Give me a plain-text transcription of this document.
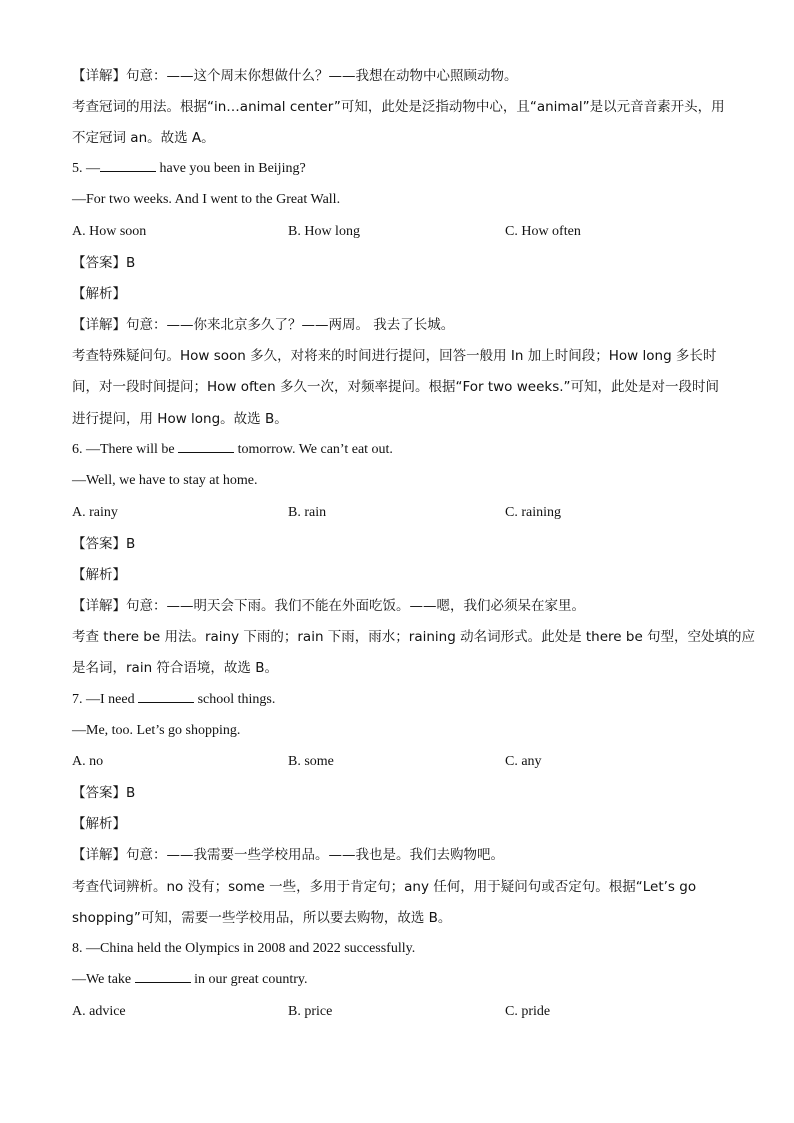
【详解】句意：——这个周末你想做什么？——我想在动物中心照顾动物。
考查冠词的用法。根据“in…animal center”可知，此处是泛指动物中心，且“animal”是以元音音素开头，用
不定冠词 an。故选 A。
5. —	have you been in Beijing?
—For two weeks. And I went to the Great Wall.
A. How soon	B. How long	C. How often
【答案】B
【解析】
【详解】句意：——你来北京多久了？——两周。 我去了长城。
考查特殊疑问句。How soon 多久，对将来的时间进行提问，回答一般用 In 加上时间段；How long 多长时
间，对一段时间提问；How often 多久一次，对频率提问。根据“For two weeks.”可知，此处是对一段时间
进行提问，用 How long。故选 B。
6. —There will be	tomorrow. We can’t eat out.
—Well, we have to stay at home.
A. rainy	B. rain	C. raining
【答案】B
【解析】
【详解】句意：——明天会下雨。我们不能在外面吃饭。——嗯，我们必须呆在家里。
考查 there be 用法。rainy 下雨的；rain 下雨，雨水；raining 动名词形式。此处是 there be 句型，空处填的应
是名词，rain 符合语境，故选 B。
7. —I need	school things.
—Me, too. Let’s go shopping.
A. no	B. some	C. any
【答案】B
【解析】
【详解】句意：——我需要一些学校用品。——我也是。我们去购物吧。
考查代词辨析。no 没有；some 一些，多用于肯定句；any 任何，用于疑问句或否定句。根据“Let’s go
shopping”可知，需要一些学校用品，所以要去购物，故选 B。
8. —China held the Olympics in 2008 and 2022 successfully.
—We take	in our great country.
A. advice	B. price	C. pride
